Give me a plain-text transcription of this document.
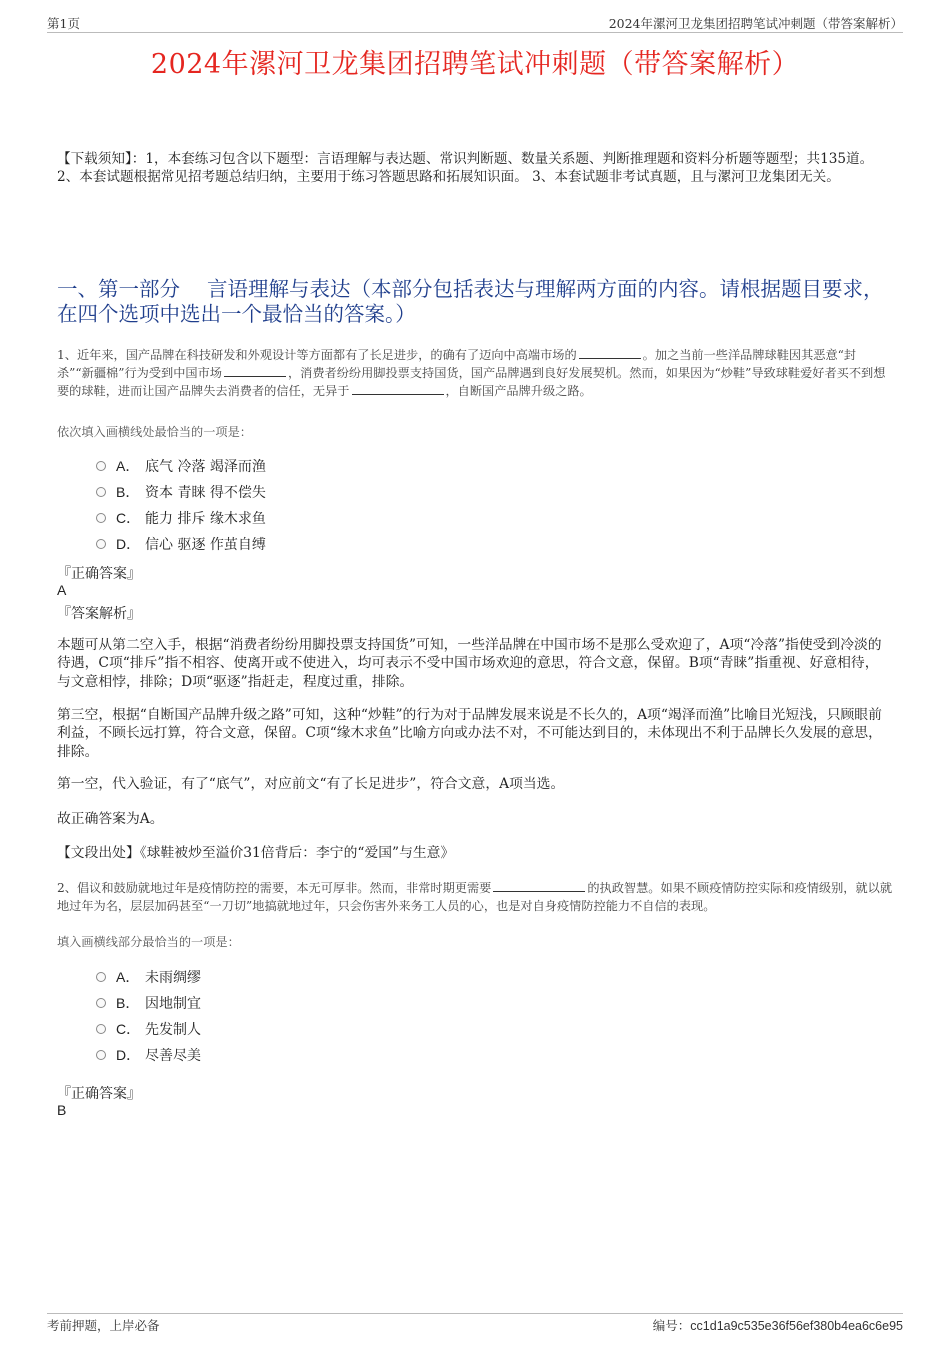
第1页	2024年漯河卫龙集团招聘笔试冲刺题（带答案解析）
2024年漯河卫龙集团招聘笔试冲刺题（带答案解析）
【下载须知】：1，本套练习包含以下题型：言语理解与表达题、常识判断题、数量关系题、判断推理题和资料分析题等题型；共135道。 2、本套试题根据常见招考题总结归纳，主要用于练习答题思路和拓展知识面。 3、本套试题非考试真题，且与漯河卫龙集团无关。
一、第一部分　 言语理解与表达（本部分包括表达与理解两方面的内容。请根据题目要求，在四个选项中选出一个最恰当的答案。）
1、近年来，国产品牌在科技研发和外观设计等方面都有了长足进步，的确有了迈向中高端市场的	。加之当前一些洋品牌球鞋因其恶意“封杀”“新疆棉”行为受到中国市场	，消费者纷纷用脚投票支持国货，国产品牌遇到良好发展契机。然而，如果因为“炒鞋”导致球鞋爱好者买不到想要的球鞋，进而让国产品牌失去消费者的信任，无异于	，自断国产品牌升级之路。
依次填入画横线处最恰当的一项是：
A． 底气 冷落 竭泽而渔
B． 资本 青睐 得不偿失
C． 能力 排斥 缘木求鱼
D． 信心 驱逐 作茧自缚
『正确答案』
A
『答案解析』

本题可从第二空入手，根据“消费者纷纷用脚投票支持国货”可知，一些洋品牌在中国市场不是那么受欢迎了，A项“冷落”指使受到冷淡的待遇，C项“排斥”指不相容、使离开或不使进入，均可表示不受中国市场欢迎的意思，符合文意，保留。B项“青睐”指重视、好意相待，与文意相悖，排除；D项“驱逐”指赶走，程度过重，排除。

第三空，根据“自断国产品牌升级之路”可知，这种“炒鞋”的行为对于品牌发展来说是不长久的，A项“竭泽而渔”比喻目光短浅，只顾眼前利益，不顾长远打算，符合文意，保留。C项“缘木求鱼”比喻方向或办法不对，不可能达到目的，未体现出不利于品牌长久发展的意思，排除。

第一空，代入验证，有了“底气”，对应前文“有了长足进步”，符合文意，A项当选。

故正确答案为A。

【文段出处】《球鞋被炒至溢价31倍背后：李宁的“爱国”与生意》

2、倡议和鼓励就地过年是疫情防控的需要，本无可厚非。然而，非常时期更需要	的执政智慧。如果不顾疫情防控实际和疫情级别，就以就地过年为名，层层加码甚至“一刀切”地搞就地过年，只会伤害外来务工人员的心，也是对自身疫情防控能力不自信的表现。
填入画横线部分最恰当的一项是：
A． 未雨绸缪
B． 因地制宜
C． 先发制人
D． 尽善尽美
『正确答案』
B
考前押题，上岸必备	编号：cc1d1a9c535e36f56ef380b4ea6c6e95
